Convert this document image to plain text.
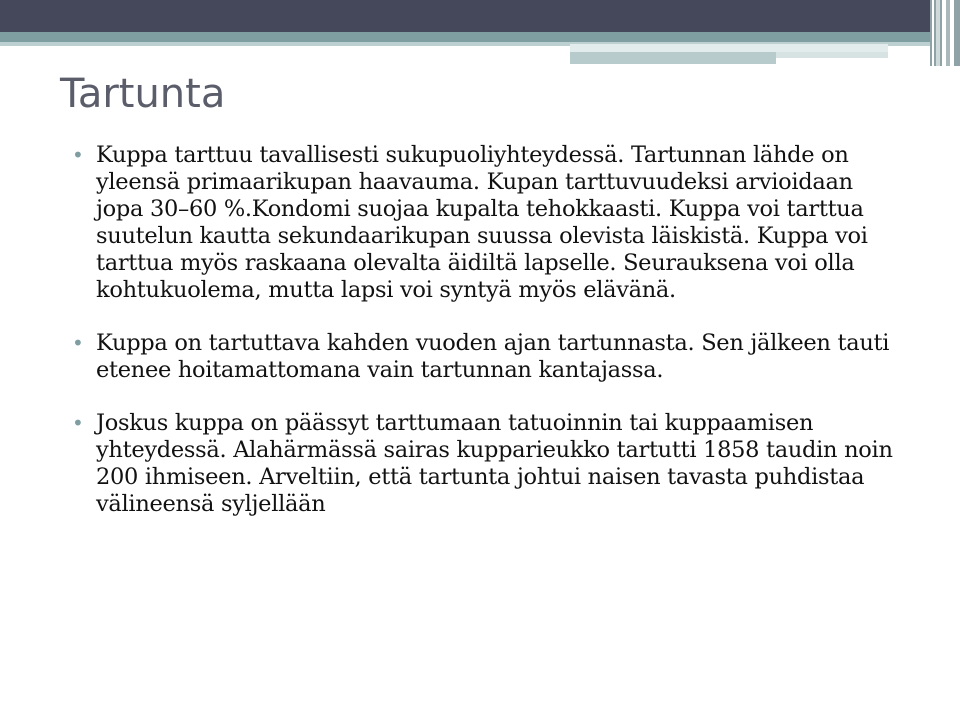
Tartunta
• Kuppa tarttuu tavallisesti sukupuoliyhteydessä. Tartunnan lähde on yleensä primaarikupan haavauma. Kupan tarttuvuudeksi arvioidaan jopa 30–60 %.Kondomi suojaa kupalta tehokkaasti. Kuppa voi tarttua suutelun kautta sekundaarikupan suussa olevista läiskistä. Kuppa voi tarttua myös raskaana olevalta äidiltä lapselle. Seurauksena voi olla kohtukuolema, mutta lapsi voi syntyä myös elävänä.
• Kuppa on tartuttava kahden vuoden ajan tartunnasta. Sen jälkeen tauti etenee hoitamattomana vain tartunnan kantajassa.
• Joskus kuppa on päässyt tarttumaan tatuoinnin tai kuppaamisen yhteydessä. Alahärmässä sairas kupparieukko tartutti 1858 taudin noin 200 ihmiseen. Arveltiin, että tartunta johtui naisen tavasta puhdistaa välineensä syljellään
